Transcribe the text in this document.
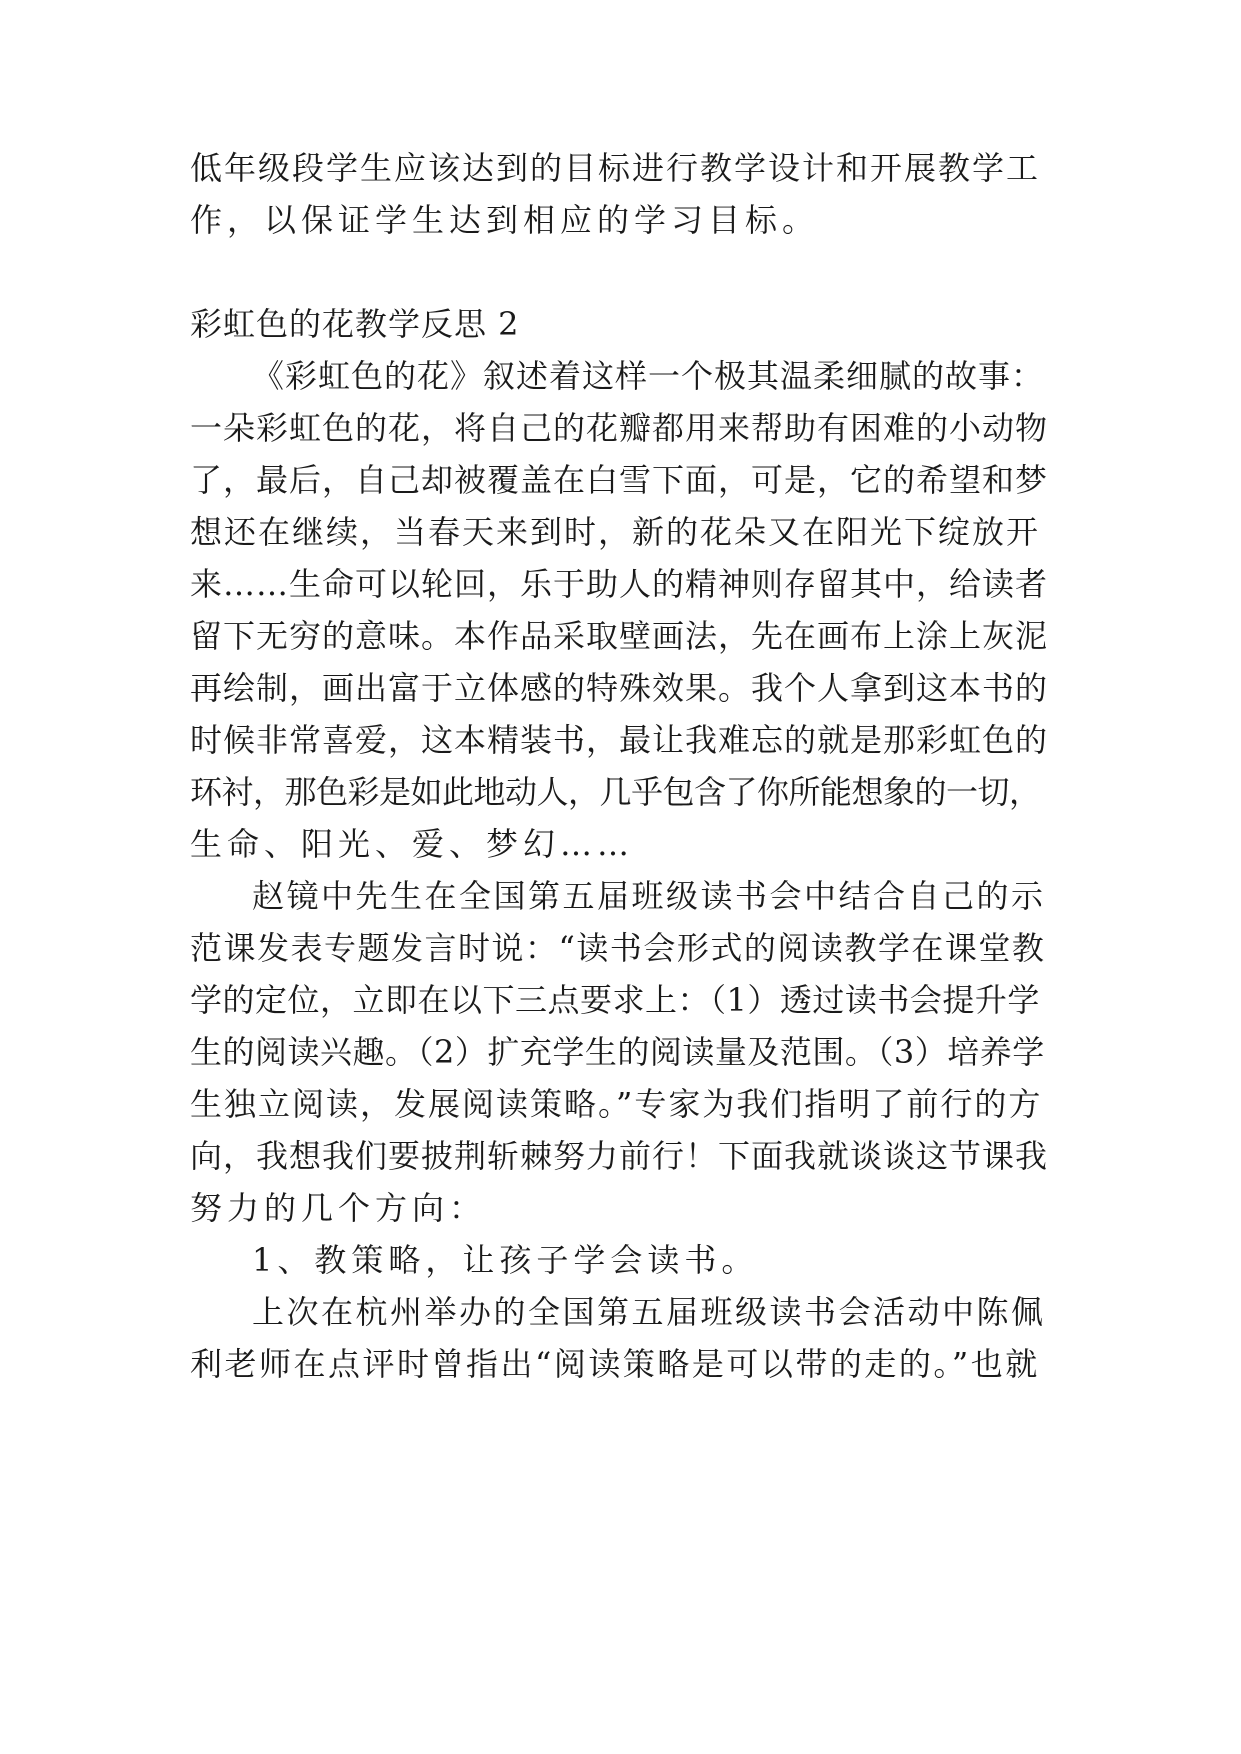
低年级段学生应该达到的目标进行教学设计和开展教学工
作，以保证学生达到相应的学习目标。
彩虹色的花教学反思 2
《彩虹色的花》叙述着这样一个极其温柔细腻的故事：
一朵彩虹色的花，将自己的花瓣都用来帮助有困难的小动物
了，最后，自己却被覆盖在白雪下面，可是，它的希望和梦
想还在继续，当春天来到时，新的花朵又在阳光下绽放开
来……生命可以轮回，乐于助人的精神则存留其中，给读者
留下无穷的意味。本作品采取壁画法，先在画布上涂上灰泥
再绘制，画出富于立体感的特殊效果。我个人拿到这本书的
时候非常喜爱，这本精装书，最让我难忘的就是那彩虹色的
环衬，那色彩是如此地动人，几乎包含了你所能想象的一切，
生命、阳光、爱、梦幻……
赵镜中先生在全国第五届班级读书会中结合自己的示
范课发表专题发言时说：“读书会形式的阅读教学在课堂教
学的定位，立即在以下三点要求上：（1）透过读书会提升学
生的阅读兴趣。（2）扩充学生的阅读量及范围。（3）培养学
生独立阅读，发展阅读策略。”专家为我们指明了前行的方
向，我想我们要披荆斩棘努力前行！下面我就谈谈这节课我
努力的几个方向：
1、教策略，让孩子学会读书。
上次在杭州举办的全国第五届班级读书会活动中陈佩
利老师在点评时曾指出“阅读策略是可以带的走的。”也就
